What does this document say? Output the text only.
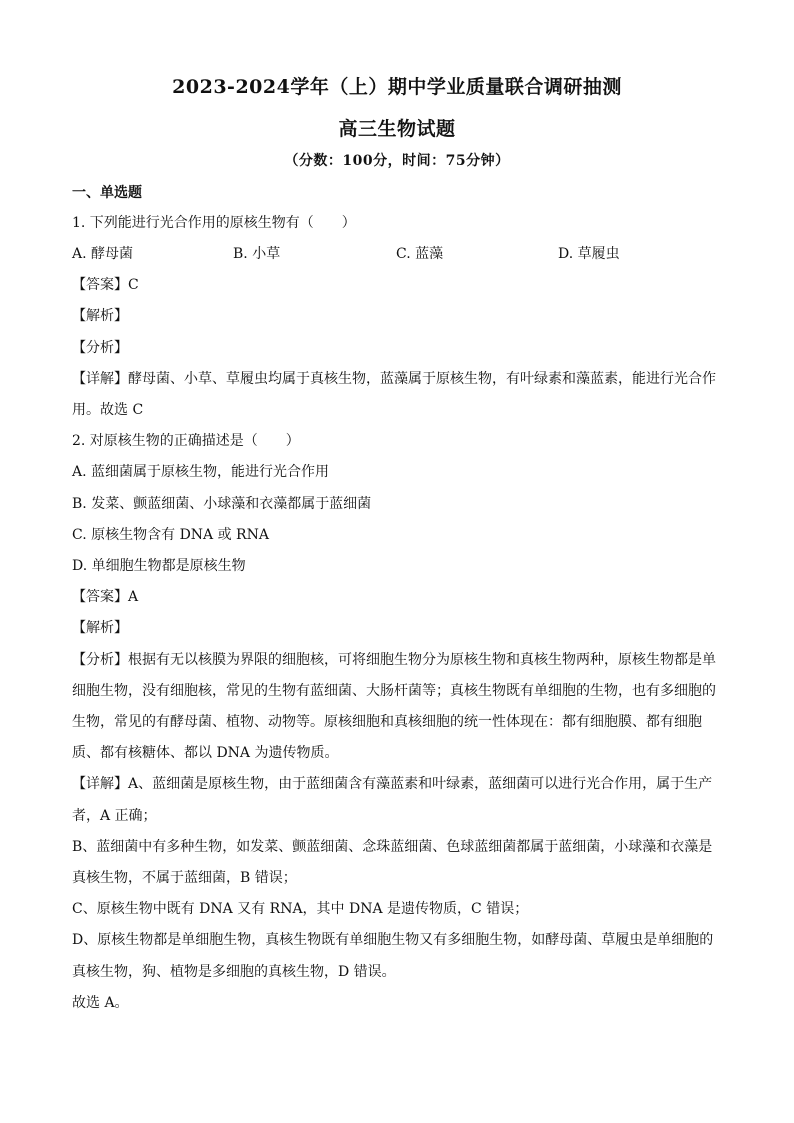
2023-2024学年（上）期中学业质量联合调研抽测
高三生物试题
（分数：100分，时间：75分钟）
一、单选题
1. 下列能进行光合作用的原核生物有（　　）
A. 酵母菌	B. 小草	C. 蓝藻	D. 草履虫
【答案】C
【解析】
【分析】
【详解】酵母菌、小草、草履虫均属于真核生物，蓝藻属于原核生物，有叶绿素和藻蓝素，能进行光合作
用。故选 C
2. 对原核生物的正确描述是（　　）
A. 蓝细菌属于原核生物，能进行光合作用
B. 发菜、颤蓝细菌、小球藻和衣藻都属于蓝细菌
C. 原核生物含有 DNA 或 RNA
D. 单细胞生物都是原核生物
【答案】A
【解析】
【分析】根据有无以核膜为界限的细胞核，可将细胞生物分为原核生物和真核生物两种，原核生物都是单
细胞生物，没有细胞核，常见的生物有蓝细菌、大肠杆菌等；真核生物既有单细胞的生物，也有多细胞的
生物，常见的有酵母菌、植物、动物等。原核细胞和真核细胞的统一性体现在：都有细胞膜、都有细胞
质、都有核糖体、都以 DNA 为遗传物质。
【详解】A、蓝细菌是原核生物，由于蓝细菌含有藻蓝素和叶绿素，蓝细菌可以进行光合作用，属于生产
者，A 正确；
B、蓝细菌中有多种生物，如发菜、颤蓝细菌、念珠蓝细菌、色球蓝细菌都属于蓝细菌，小球藻和衣藻是
真核生物，不属于蓝细菌，B 错误；
C、原核生物中既有 DNA 又有 RNA，其中 DNA 是遗传物质，C 错误；
D、原核生物都是单细胞生物，真核生物既有单细胞生物又有多细胞生物，如酵母菌、草履虫是单细胞的
真核生物，狗、植物是多细胞的真核生物，D 错误。
故选 A。
